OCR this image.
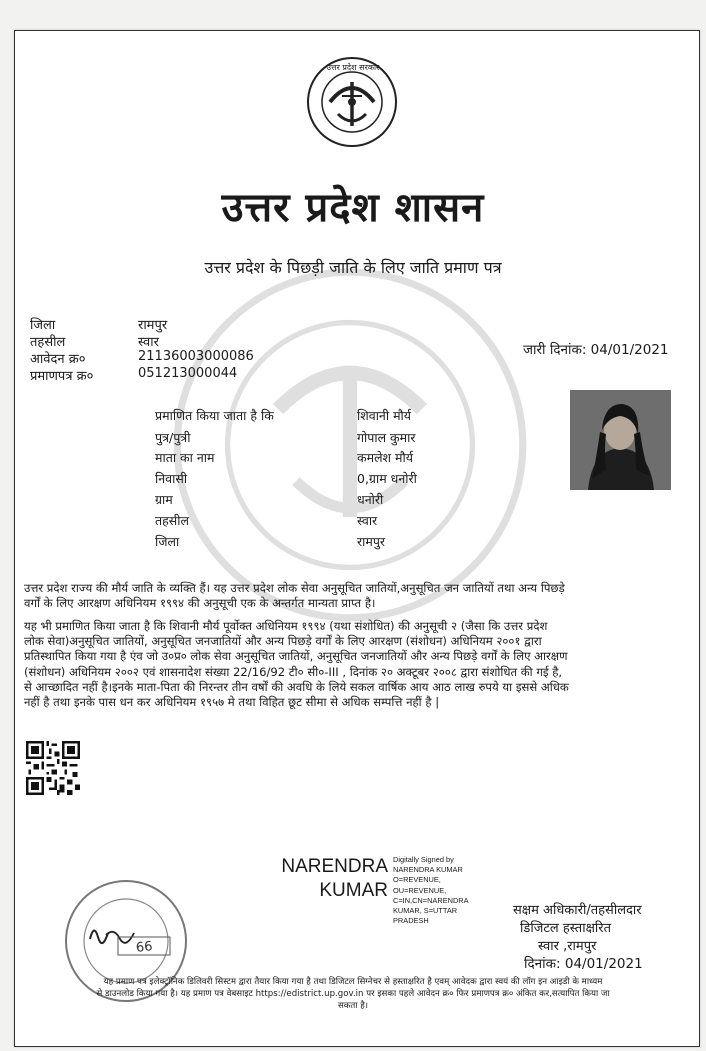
उत्तर प्रदेश सरकार
उत्तर प्रदेश शासन
उत्तर प्रदेश के पिछड़ी जाति के लिए जाति प्रमाण पत्र
जिला	रामपुर
तहसील	स्वार
आवेदन क्र०	21136003000086
प्रमाणपत्र क्र०	051213000044
जारी दिनांक: 04/01/2021
प्रमाणित किया जाता है कि	शिवानी मौर्य
पुत्र/पुत्री	गोपाल कुमार
माता का नाम	कमलेश मौर्य
निवासी	0,ग्राम धनोरी
ग्राम	धनोरी
तहसील	स्वार
जिला	रामपुर
उत्तर प्रदेश राज्य की मौर्य जाति के व्यक्ति हैं। यह उत्तर प्रदेश लोक सेवा अनुसूचित जातियों,अनुसूचित जन जातियों तथा अन्य पिछड़े
वर्गों के लिए आरक्षण अधिनियम १९९४ की अनुसूची एक के अन्तर्गत मान्यता प्राप्त है।
यह भी प्रमाणित किया जाता है कि शिवानी मौर्य पूर्वोक्त अधिनियम १९९४ (यथा संशोधित) की अनुसूची २ (जैसा कि उत्तर प्रदेश
लोक सेवा)अनुसूचित जातियों, अनुसूचित जनजातियों और अन्य पिछड़े वर्गों के लिए आरक्षण (संशोधन) अधिनियम २००१ द्वारा
प्रतिस्थापित किया गया है एंव जो उ०प्र० लोक सेवा अनुसूचित जातियों, अनुसूचित जनजातियों और अन्य पिछड़े वर्गों के लिए आरक्षण
(संशोधन) अधिनियम २००२ एवं शासनादेश संख्या 22/16/92 टी० सी०-III , दिनांक २० अक्टूबर २००८ द्वारा संशोधित की गई है,
से आच्छादित नहीं है।इनके माता-पिता की निरन्तर तीन वर्षों की अवधि के लिये सकल वार्षिक आय आठ लाख रुपये या इससे अधिक
नहीं है तथा इनके पास धन कर अधिनियम १९५७ मे तथा विहित छूट सीमा से अधिक सम्पत्ति नहीं है |
NARENDRA
KUMAR
Digitally Signed by
NARENDRA KUMAR
O=REVENUE,
OU=REVENUE,
C=IN,CN=NARENDRA
KUMAR, S=UTTAR
PRADESH
सक्षम अधिकारी/तहसीलदार
डिजिटल हस्ताक्षरित
स्वार ,रामपुर
दिनांक: 04/01/2021
66
यह प्रमाण पत्र इलेक्ट्रॉनिक डिलिवरी सिस्टम द्वारा तैयार किया गया है तथा डिजिटल सिग्नेचर से हस्ताक्षरित है एवम् आवेदक द्वारा स्वयं की लॉग इन आइडी के माध्यम
से डाउनलोड किया गया है। यह प्रमाण पत्र वेबसाइट https://edistrict.up.gov.in पर इसका पहले आवेदन क्र० फिर प्रमाणपत्र क्र० अंकित कर,सत्यापित किया जा
सकता है।
